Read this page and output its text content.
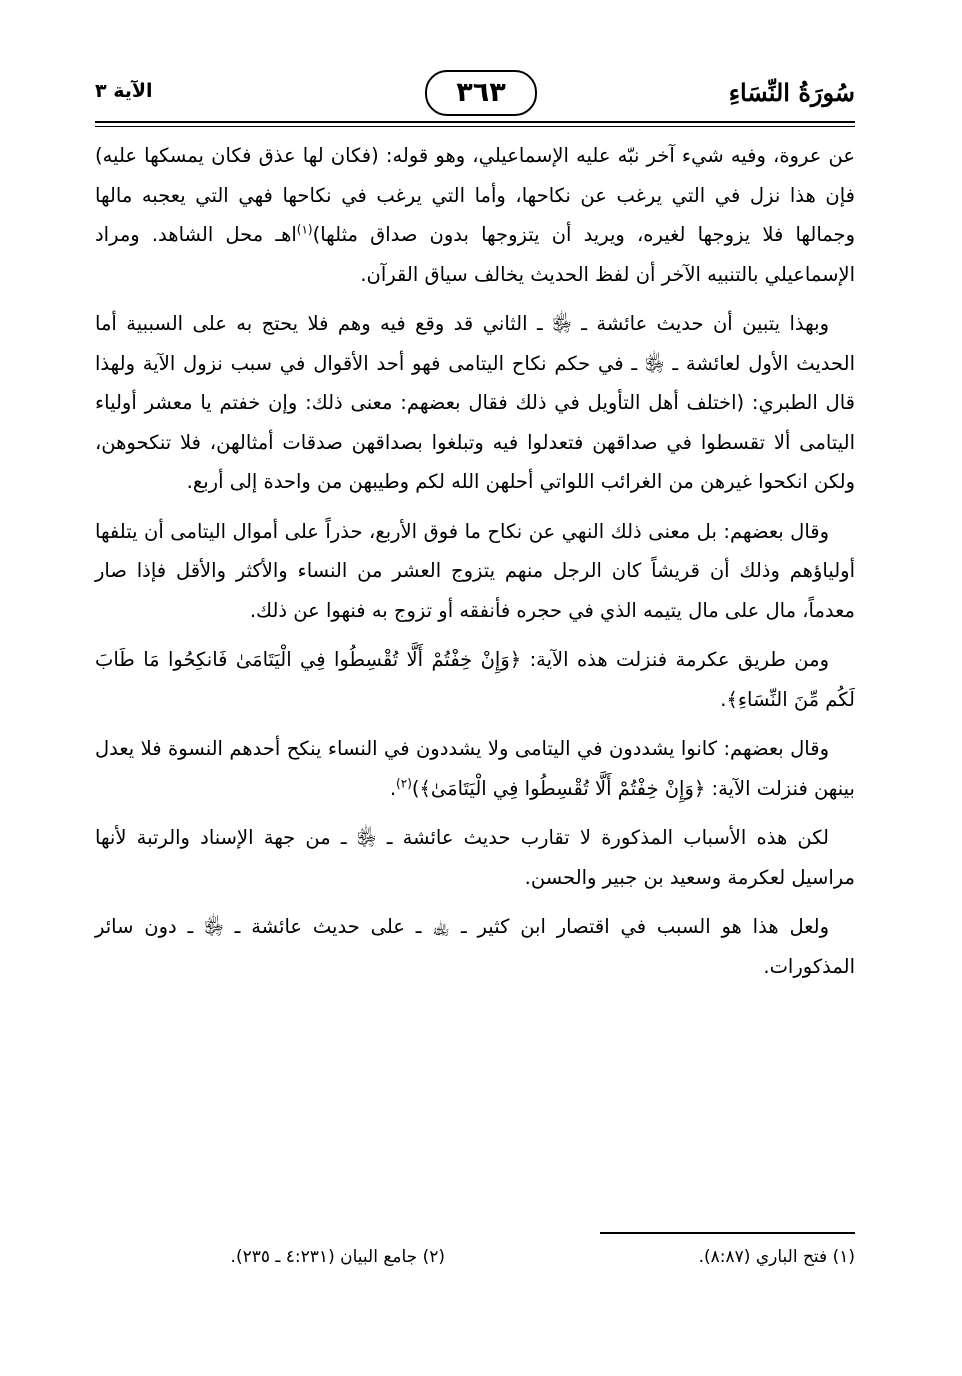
سُورَةُ النِّسَاءِ
٣٦٣
الآية ٣

عن عروة، وفيه شيء آخر نبّه عليه الإسماعيلي، وهو قوله: (فكان لها عذق فكان يمسكها عليه) فإن هذا نزل في التي يرغب عن نكاحها، وأما التي يرغب في نكاحها فهي التي يعجبه مالها وجمالها فلا يزوجها لغيره، ويريد أن يتزوجها بدون صداق مثلها)$^{(١)}$اهـ محل الشاهد. ومراد الإسماعيلي بالتنبيه الآخر أن لفظ الحديث يخالف سياق القرآن.

وبهذا يتبين أن حديث عائشة ـ ﵂ ـ الثاني قد وقع فيه وهم فلا يحتج به على السببية أما الحديث الأول لعائشة ـ ﵂ ـ في حكم نكاح اليتامى فهو أحد الأقوال في سبب نزول الآية ولهذا قال الطبري: (اختلف أهل التأويل في ذلك فقال بعضهم: معنى ذلك: وإن خفتم يا معشر أولياء اليتامى ألا تقسطوا في صداقهن فتعدلوا فيه وتبلغوا بصداقهن صدقات أمثالهن، فلا تنكحوهن، ولكن انكحوا غيرهن من الغرائب اللواتي أحلهن الله لكم وطيبهن من واحدة إلى أربع.

وقال بعضهم: بل معنى ذلك النهي عن نكاح ما فوق الأربع، حذراً على أموال اليتامى أن يتلفها أولياؤهم وذلك أن قريشاً كان الرجل منهم يتزوج العشر من النساء والأكثر والأقل فإذا صار معدماً، مال على مال يتيمه الذي في حجره فأنفقه أو تزوج به فنهوا عن ذلك.

ومن طريق عكرمة فنزلت هذه الآية: ﴿وَإِنْ خِفْتُمْ أَلَّا تُقْسِطُوا فِي الْيَتَامَىٰ فَانكِحُوا مَا طَابَ لَكُم مِّنَ النِّسَاءِ﴾.

وقال بعضهم: كانوا يشددون في اليتامى ولا يشددون في النساء ينكح أحدهم النسوة فلا يعدل بينهن فنزلت الآية: ﴿وَإِنْ خِفْتُمْ أَلَّا تُقْسِطُوا فِي الْيَتَامَىٰ﴾)$^{(٢)}$.

لكن هذه الأسباب المذكورة لا تقارب حديث عائشة ـ ﵂ ـ من جهة الإسناد والرتبة لأنها مراسيل لعكرمة وسعيد بن جبير والحسن.

ولعل هذا هو السبب في اقتصار ابن كثير ـ ﵀ ـ على حديث عائشة ـ ﵂ ـ دون سائر المذكورات.

(١) فتح الباري (٨:٨٧).
(٢) جامع البيان (٤:٢٣١ ـ ٢٣٥).
